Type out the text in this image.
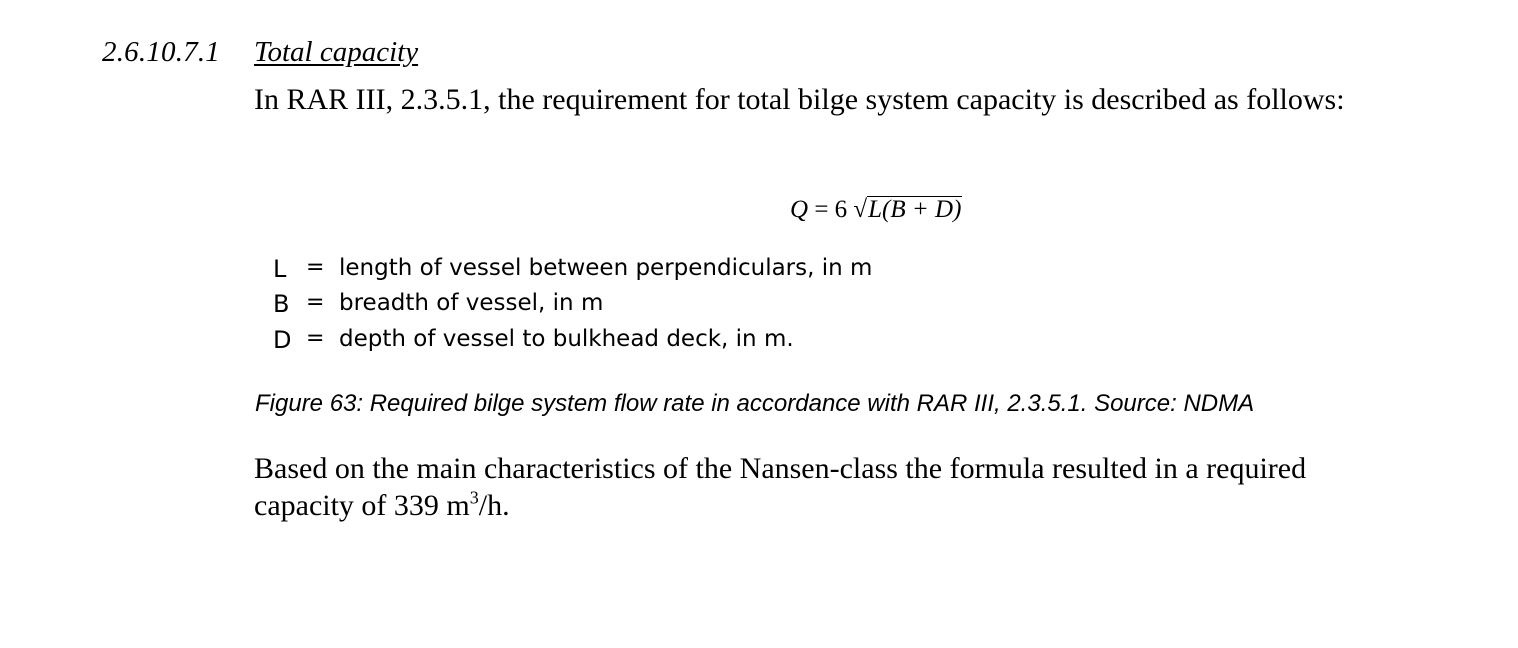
2.6.10.7.1 Total capacity

In RAR III, 2.3.5.1, the requirement for total bilge system capacity is described as follows:

Q = 6 √L(B + D)
L = length of vessel between perpendiculars, in m
B = breadth of vessel, in m
D = depth of vessel to bulkhead deck, in m.
Figure 63: Required bilge system flow rate in accordance with RAR III, 2.3.5.1. Source: NDMA

Based on the main characteristics of the Nansen-class the formula resulted in a required capacity of 339 $m^3/h$.
